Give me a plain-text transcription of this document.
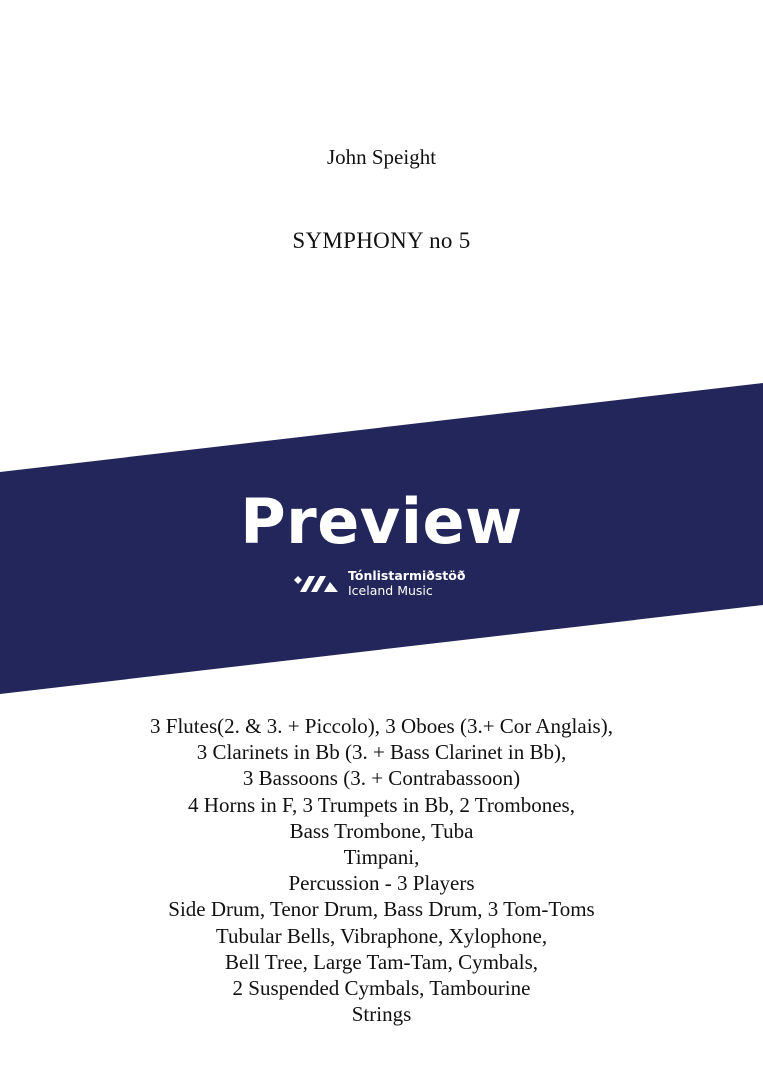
John Speight
SYMPHONY no 5
Preview
Tónlistarmiðstöð
Iceland Music
3 Flutes(2. & 3. + Piccolo), 3 Oboes (3.+ Cor Anglais),
3 Clarinets in Bb (3. + Bass Clarinet in Bb),
3 Bassoons (3. + Contrabassoon)
4 Horns in F, 3 Trumpets in Bb, 2 Trombones,
Bass Trombone, Tuba
Timpani,
Percussion - 3 Players
Side Drum, Tenor Drum, Bass Drum, 3 Tom-Toms
Tubular Bells, Vibraphone, Xylophone,
Bell Tree, Large Tam-Tam, Cymbals,
2 Suspended Cymbals, Tambourine
Strings
